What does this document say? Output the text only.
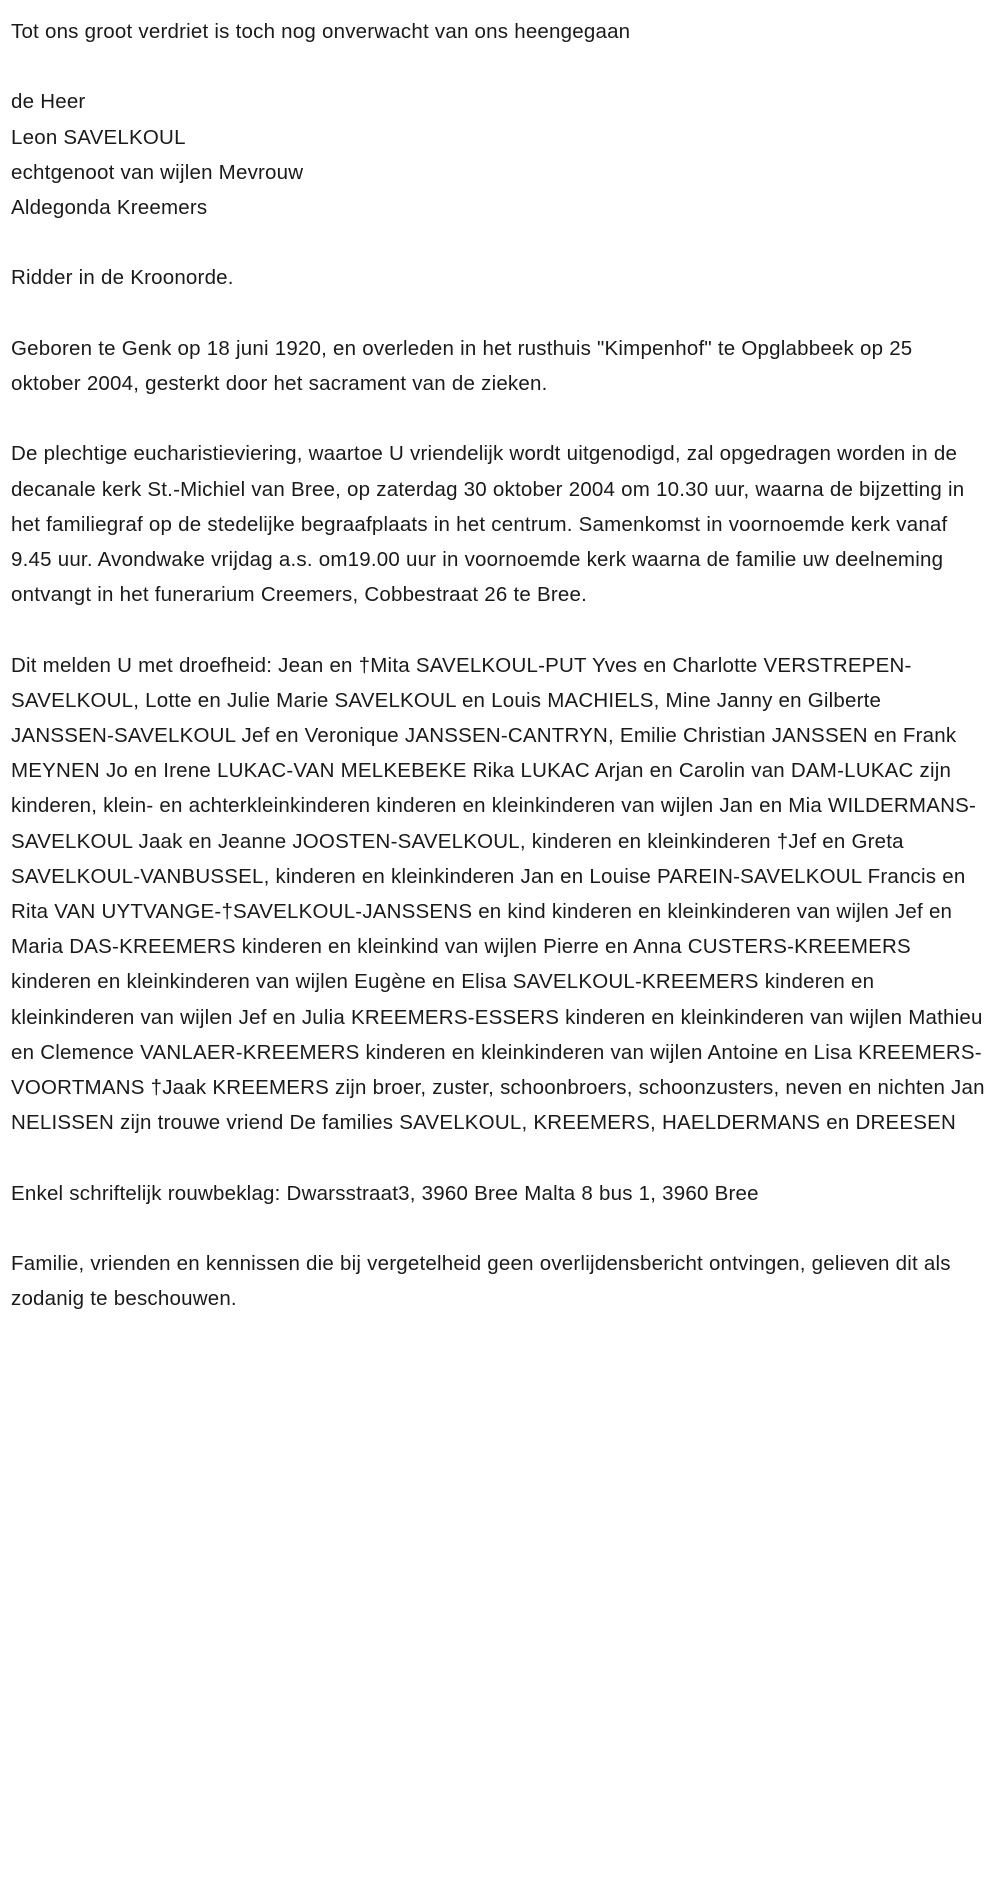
Tot ons groot verdriet is toch nog onverwacht van ons heengegaan

de Heer

Leon SAVELKOUL

echtgenoot van wijlen Mevrouw

Aldegonda Kreemers

Ridder in de Kroonorde.

Geboren te Genk op 18 juni 1920, en overleden in het rusthuis "Kimpenhof" te Opglabbeek op 25 oktober 2004, gesterkt door het sacrament van de zieken.

De plechtige eucharistieviering, waartoe U vriendelijk wordt uitgenodigd, zal opgedragen worden in de decanale kerk St.-Michiel van Bree, op zaterdag 30 oktober 2004 om 10.30 uur, waarna de bijzetting in het familiegraf op de stedelijke begraafplaats in het centrum. Samenkomst in voornoemde kerk vanaf 9.45 uur. Avondwake vrijdag a.s. om19.00 uur in voornoemde kerk waarna de familie uw deelneming ontvangt in het funerarium Creemers, Cobbestraat 26 te Bree.

Dit melden U met droefheid: Jean en †Mita SAVELKOUL-PUT Yves en Charlotte VERSTREPEN-SAVELKOUL, Lotte en Julie Marie SAVELKOUL en Louis MACHIELS, Mine Janny en Gilberte JANSSEN-SAVELKOUL Jef en Veronique JANSSEN-CANTRYN, Emilie Christian JANSSEN en Frank MEYNEN Jo en Irene LUKAC-VAN MELKEBEKE Rika LUKAC Arjan en Carolin van DAM-LUKAC zijn kinderen, klein- en achterkleinkinderen kinderen en kleinkinderen van wijlen Jan en Mia WILDERMANS-SAVELKOUL Jaak en Jeanne JOOSTEN-SAVELKOUL, kinderen en kleinkinderen †Jef en Greta SAVELKOUL-VANBUSSEL, kinderen en kleinkinderen Jan en Louise PAREIN-SAVELKOUL Francis en Rita VAN UYTVANGE-†SAVELKOUL-JANSSENS en kind kinderen en kleinkinderen van wijlen Jef en Maria DAS-KREEMERS kinderen en kleinkind van wijlen Pierre en Anna CUSTERS-KREEMERS kinderen en kleinkinderen van wijlen Eugène en Elisa SAVELKOUL-KREEMERS kinderen en kleinkinderen van wijlen Jef en Julia KREEMERS-ESSERS kinderen en kleinkinderen van wijlen Mathieu en Clemence VANLAER-KREEMERS kinderen en kleinkinderen van wijlen Antoine en Lisa KREEMERS-VOORTMANS †Jaak KREEMERS zijn broer, zuster, schoonbroers, schoonzusters, neven en nichten Jan NELISSEN zijn trouwe vriend De families SAVELKOUL, KREEMERS, HAELDERMANS en DREESEN

Enkel schriftelijk rouwbeklag: Dwarsstraat3, 3960 Bree Malta 8 bus 1, 3960 Bree

Familie, vrienden en kennissen die bij vergetelheid geen overlijdensbericht ontvingen, gelieven dit als zodanig te beschouwen.
